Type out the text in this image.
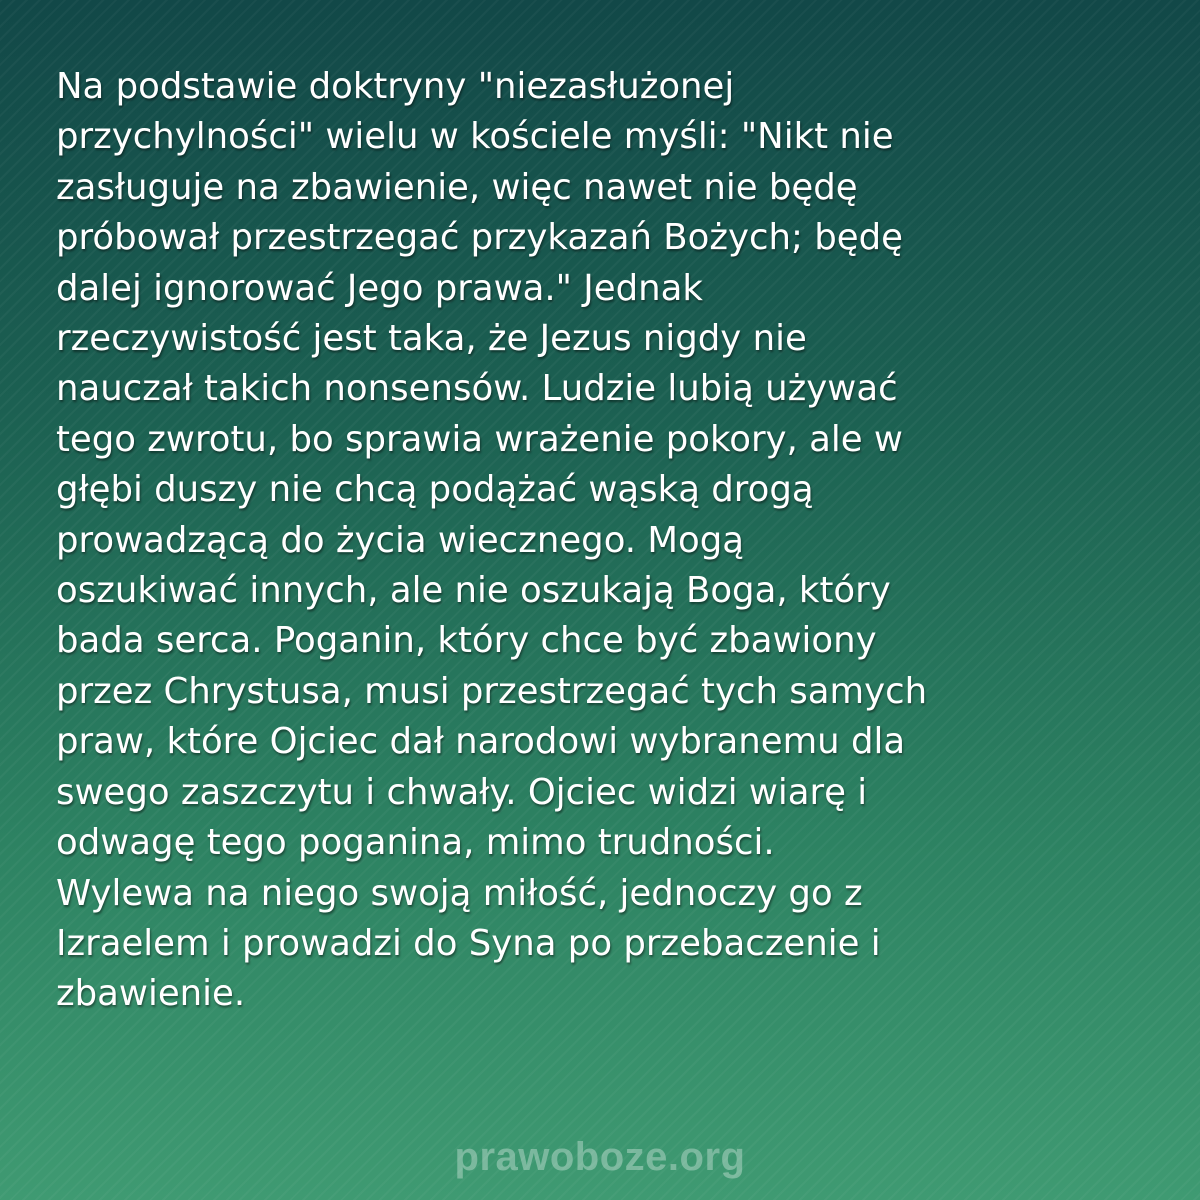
Na podstawie doktryny "niezasłużonej
przychylności" wielu w kościele myśli: "Nikt nie
zasługuje na zbawienie, więc nawet nie będę
próbował przestrzegać przykazań Bożych; będę
dalej ignorować Jego prawa." Jednak
rzeczywistość jest taka, że Jezus nigdy nie
nauczał takich nonsensów. Ludzie lubią używać
tego zwrotu, bo sprawia wrażenie pokory, ale w
głębi duszy nie chcą podążać wąską drogą
prowadzącą do życia wiecznego. Mogą
oszukiwać innych, ale nie oszukają Boga, który
bada serca. Poganin, który chce być zbawiony
przez Chrystusa, musi przestrzegać tych samych
praw, które Ojciec dał narodowi wybranemu dla
swego zaszczytu i chwały. Ojciec widzi wiarę i
odwagę tego poganina, mimo trudności.
Wylewa na niego swoją miłość, jednoczy go z
Izraelem i prowadzi do Syna po przebaczenie i
zbawienie.

prawoboze.org
